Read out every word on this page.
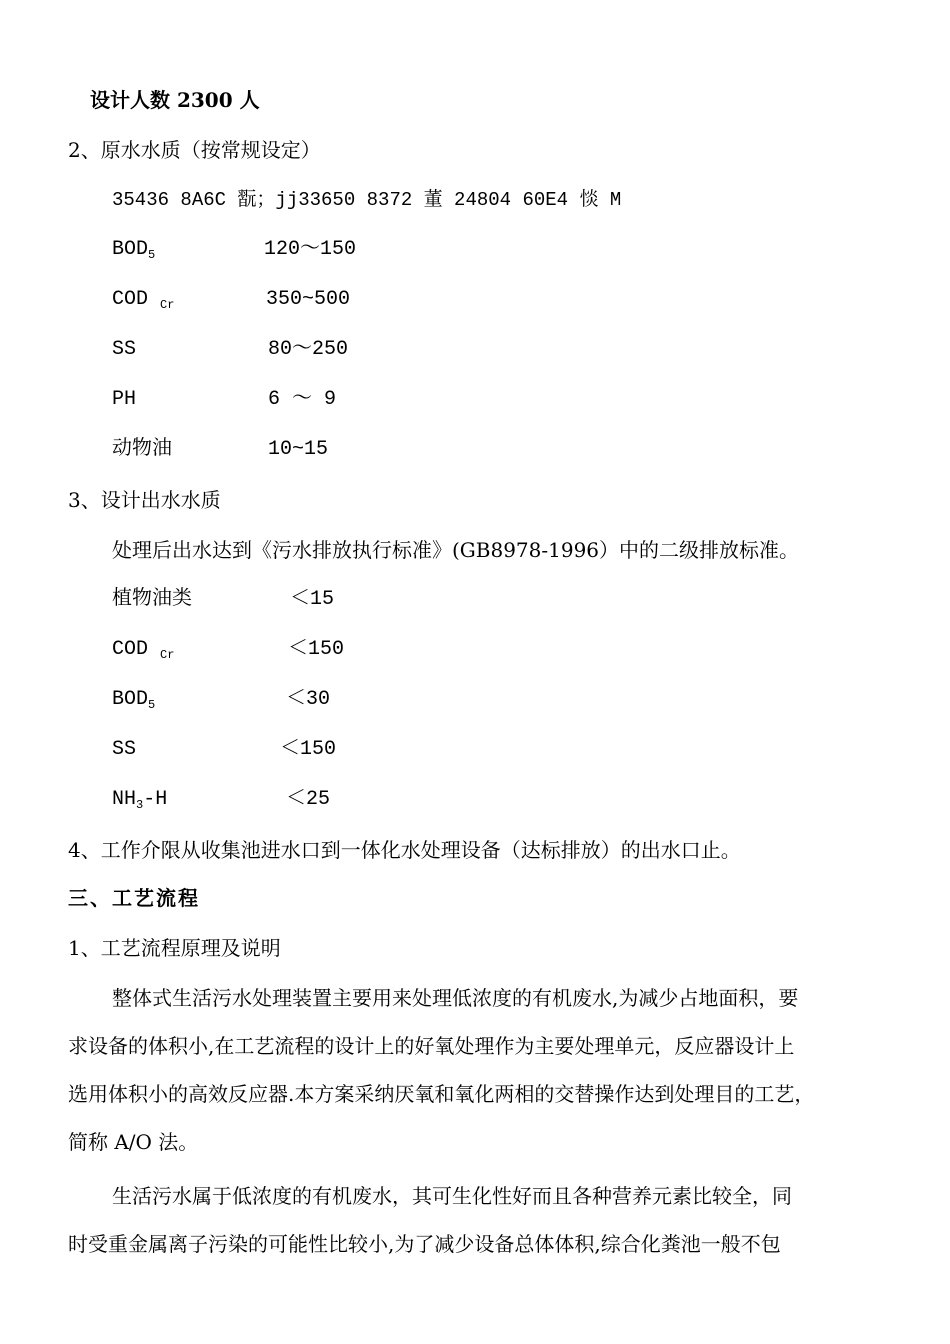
设计人数 2300 人
2、原水水质（按常规设定）
35436 8A6C 翫；jj33650 8372 董 24804 60E4 惔 M
$BOD_5$	120～150
COD $_{Cr}$	350~500
SS	80～250
PH	6 ～ 9
动物油	10~15
3、设计出水水质
处理后出水达到《污水排放执行标准》(GB8978-1996）中的二级排放标准。
植物油类	＜15
COD $_{Cr}$	＜150
$BOD_5$	＜30
SS	＜150
$NH_3-H$	＜25
4、工作介限从收集池进水口到一体化水处理设备（达标排放）的出水口止。
三、工艺流程
1、工艺流程原理及说明
整体式生活污水处理装置主要用来处理低浓度的有机废水,为减少占地面积，要
求设备的体积小,在工艺流程的设计上的好氧处理作为主要处理单元，反应器设计上
选用体积小的高效反应器.本方案采纳厌氧和氧化两相的交替操作达到处理目的工艺，
简称 A/O 法。
生活污水属于低浓度的有机废水，其可生化性好而且各种营养元素比较全，同
时受重金属离子污染的可能性比较小,为了减少设备总体体积,综合化粪池一般不包
